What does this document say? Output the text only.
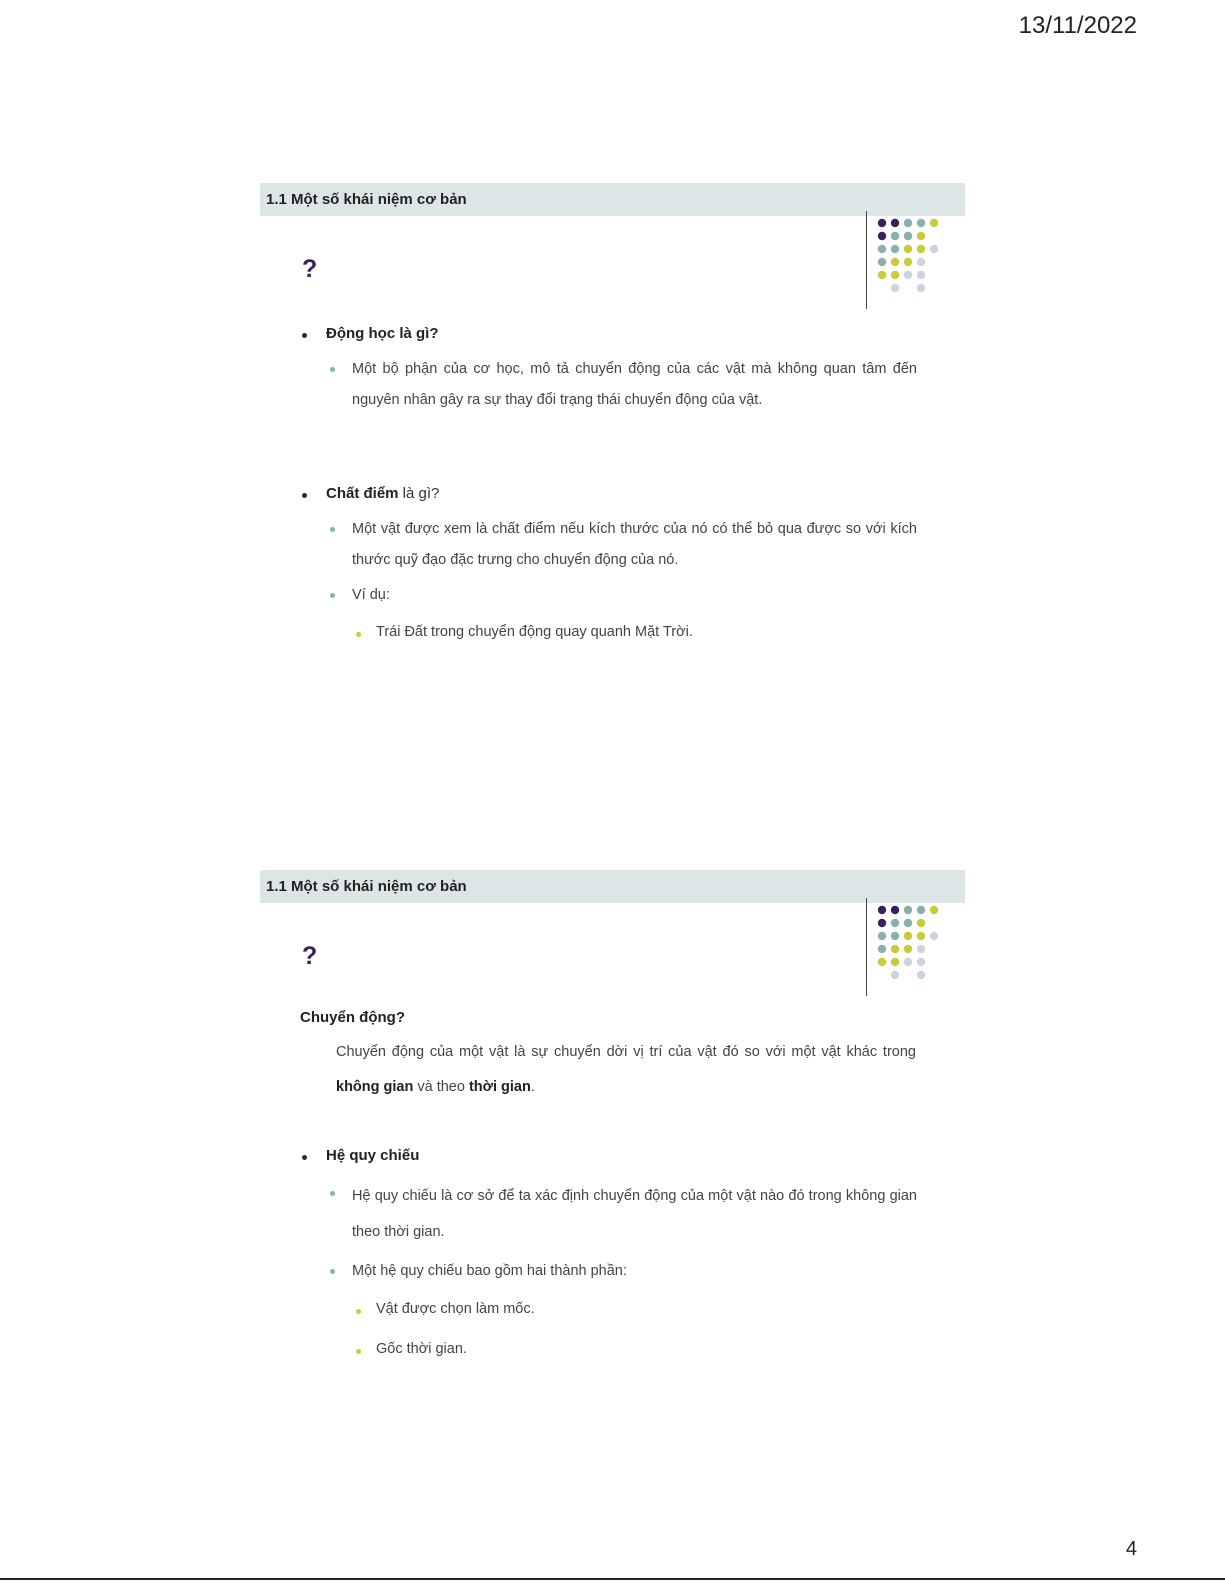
13/11/2022
1.1 Một số khái niệm cơ bản
?
Động học là gì?
Một bộ phận của cơ học, mô tả chuyển động của các vật mà không quan tâm đến nguyên nhân gây ra sự thay đổi trạng thái chuyển động của vật.
Chất điểm là gì?
Một vật được xem là chất điểm nếu kích thước của nó có thể bỏ qua được so với kích thước quỹ đạo đặc trưng cho chuyển động của nó.
Ví dụ:
Trái Đất trong chuyển động quay quanh Mặt Trời.
1.1 Một số khái niệm cơ bản
?
Chuyển động?
Chuyển động của một vật là sự chuyển dời vị trí của vật đó so với một vật khác trong không gian và theo thời gian.
Hệ quy chiếu
Hệ quy chiếu là cơ sở để ta xác định chuyển động của một vật nào đó trong không gian theo thời gian.
Một hệ quy chiếu bao gồm hai thành phần:
Vật được chọn làm mốc.
Gốc thời gian.
4
